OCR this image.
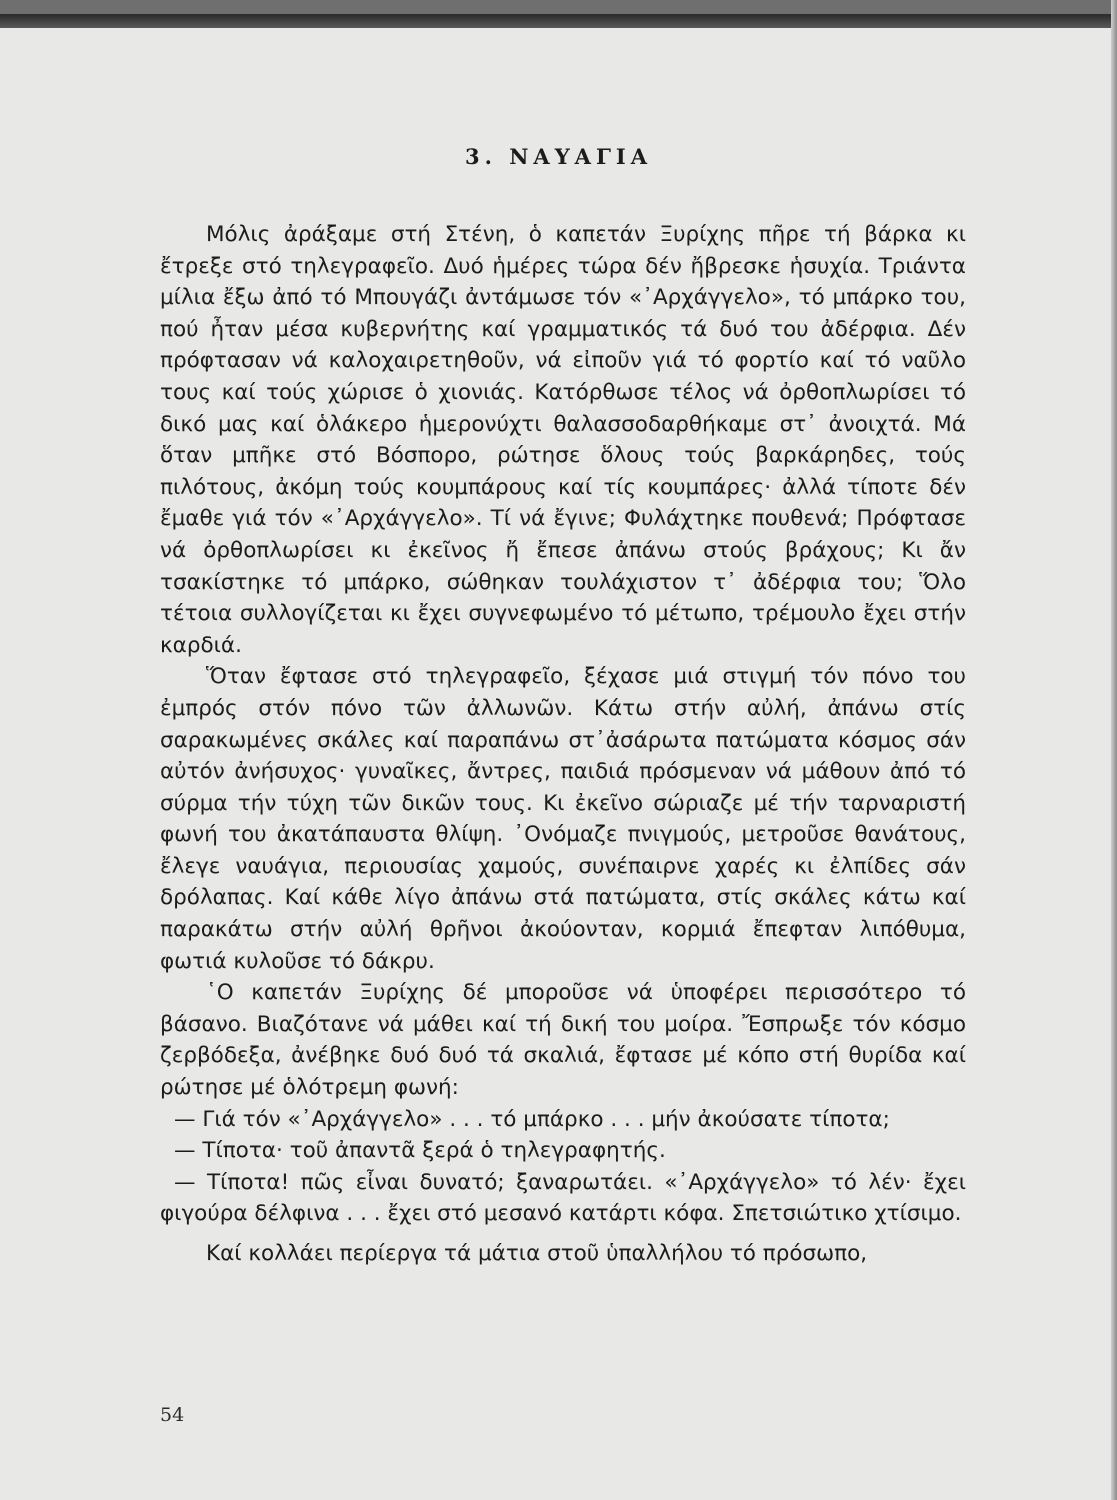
3. ΝΑΥΑΓΙΑ

Μόλις ἀράξαμε στή Στένη, ὁ καπετάν Ξυρίχης πῆρε τή βάρκα κι ἔτρεξε στό τηλεγραφεῖο. Δυό ἡμέρες τώρα δέν ἤβρεσκε ἡσυχία. Τριάντα μίλια ἔξω ἀπό τό Μπουγάζι ἀντάμωσε τόν «᾽Αρχάγγελο», τό μπάρκο του, πού ἦταν μέσα κυβερνήτης καί γραμματικός τά δυό του ἀδέρφια. Δέν πρόφτασαν νά καλοχαιρετηθοῦν, νά εἰποῦν γιά τό φορτίο καί τό ναῦλο τους καί τούς χώρισε ὁ χιονιάς. Κατόρθωσε τέλος νά ὀρθοπλωρίσει τό δικό μας καί ὁλάκερο ἡμερονύχτι θαλασσοδαρθήκαμε στ᾽ ἀνοιχτά. Μά ὅταν μπῆκε στό Βόσπορο, ρώτησε ὅλους τούς βαρκάρηδες, τούς πιλότους, ἀκόμη τούς κουμπάρους καί τίς κουμπάρες· ἀλλά τίποτε δέν ἔμαθε γιά τόν «᾽Αρχάγγελο». Τί νά ἔγινε; Φυλάχτηκε πουθενά; Πρόφτασε νά ὀρθοπλωρίσει κι ἐκεῖνος ἤ ἔπεσε ἀπάνω στούς βράχους; Κι ἄν τσακίστηκε τό μπάρκο, σώθηκαν τουλάχιστον τ᾽ ἀδέρφια του; Ὅλο τέτοια συλλογίζεται κι ἔχει συγνεφωμένο τό μέτωπο, τρέμουλο ἔχει στήν καρδιά.

Ὅταν ἔφτασε στό τηλεγραφεῖο, ξέχασε μιά στιγμή τόν πόνο του ἐμπρός στόν πόνο τῶν ἀλλωνῶν. Κάτω στήν αὐλή, ἀπάνω στίς σαρακωμένες σκάλες καί παραπάνω στ᾽ἀσάρωτα πατώματα κόσμος σάν αὐτόν ἀνήσυχος· γυναῖκες, ἄντρες, παιδιά πρόσμεναν νά μάθουν ἀπό τό σύρμα τήν τύχη τῶν δικῶν τους. Κι ἐκεῖνο σώριαζε μέ τήν ταρναριστή φωνή του ἀκατάπαυστα θλίψη. ᾽Ονόμαζε πνιγμούς, μετροῦσε θανάτους, ἔλεγε ναυάγια, περιουσίας χαμούς, συνέπαιρνε χαρές κι ἐλπίδες σάν δρόλαπας. Καί κάθε λίγο ἀπάνω στά πατώματα, στίς σκάλες κάτω καί παρακάτω στήν αὐλή θρῆνοι ἀκούονταν, κορμιά ἔπεφταν λιπόθυμα, φωτιά κυλοῦσε τό δάκρυ.

῾Ο καπετάν Ξυρίχης δέ μποροῦσε νά ὑποφέρει περισσότερο τό βάσανο. Βιαζότανε νά μάθει καί τή δική του μοίρα. Ἔσπρωξε τόν κόσμο ζερβόδεξα, ἀνέβηκε δυό δυό τά σκαλιά, ἔφτασε μέ κόπο στή θυρίδα καί ρώτησε μέ ὁλότρεμη φωνή:

— Γιά τόν «᾽Αρχάγγελο» . . . τό μπάρκο . . . μήν ἀκούσατε τίποτα;

— Τίποτα· τοῦ ἀπαντᾶ ξερά ὁ τηλεγραφητής.

— Τίποτα! πῶς εἶναι δυνατό; ξαναρωτάει. «᾽Αρχάγγελο» τό λέν· ἔχει φιγούρα δέλφινα . . . ἔχει στό μεσανό κατάρτι κόφα. Σπετσιώτικο χτίσιμο.

Καί κολλάει περίεργα τά μάτια στοῦ ὑπαλλήλου τό πρόσωπο,

54
